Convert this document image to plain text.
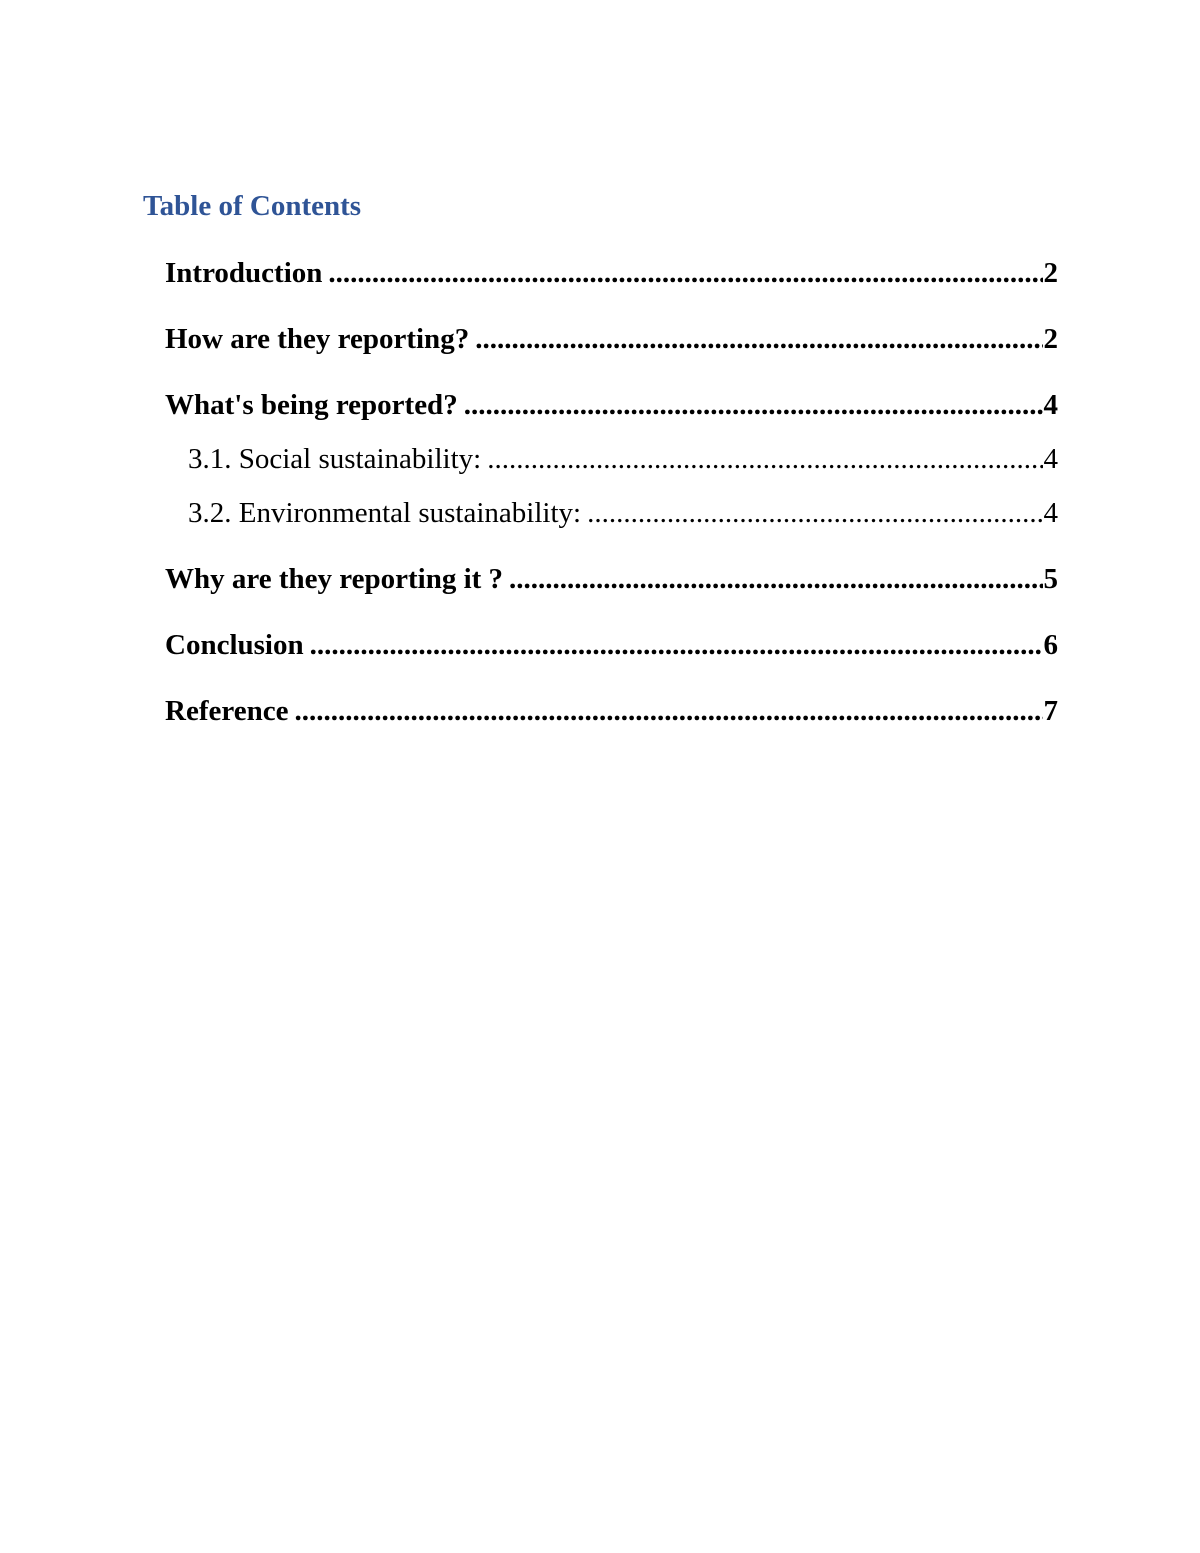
Table of Contents
Introduction .....	2
How are they reporting? .....	2
What's being reported? .....	4
3.1. Social sustainability: .....	4
3.2. Environmental sustainability: .....	4
Why are they reporting it ? .....	5
Conclusion .....	6
Reference .....	7
